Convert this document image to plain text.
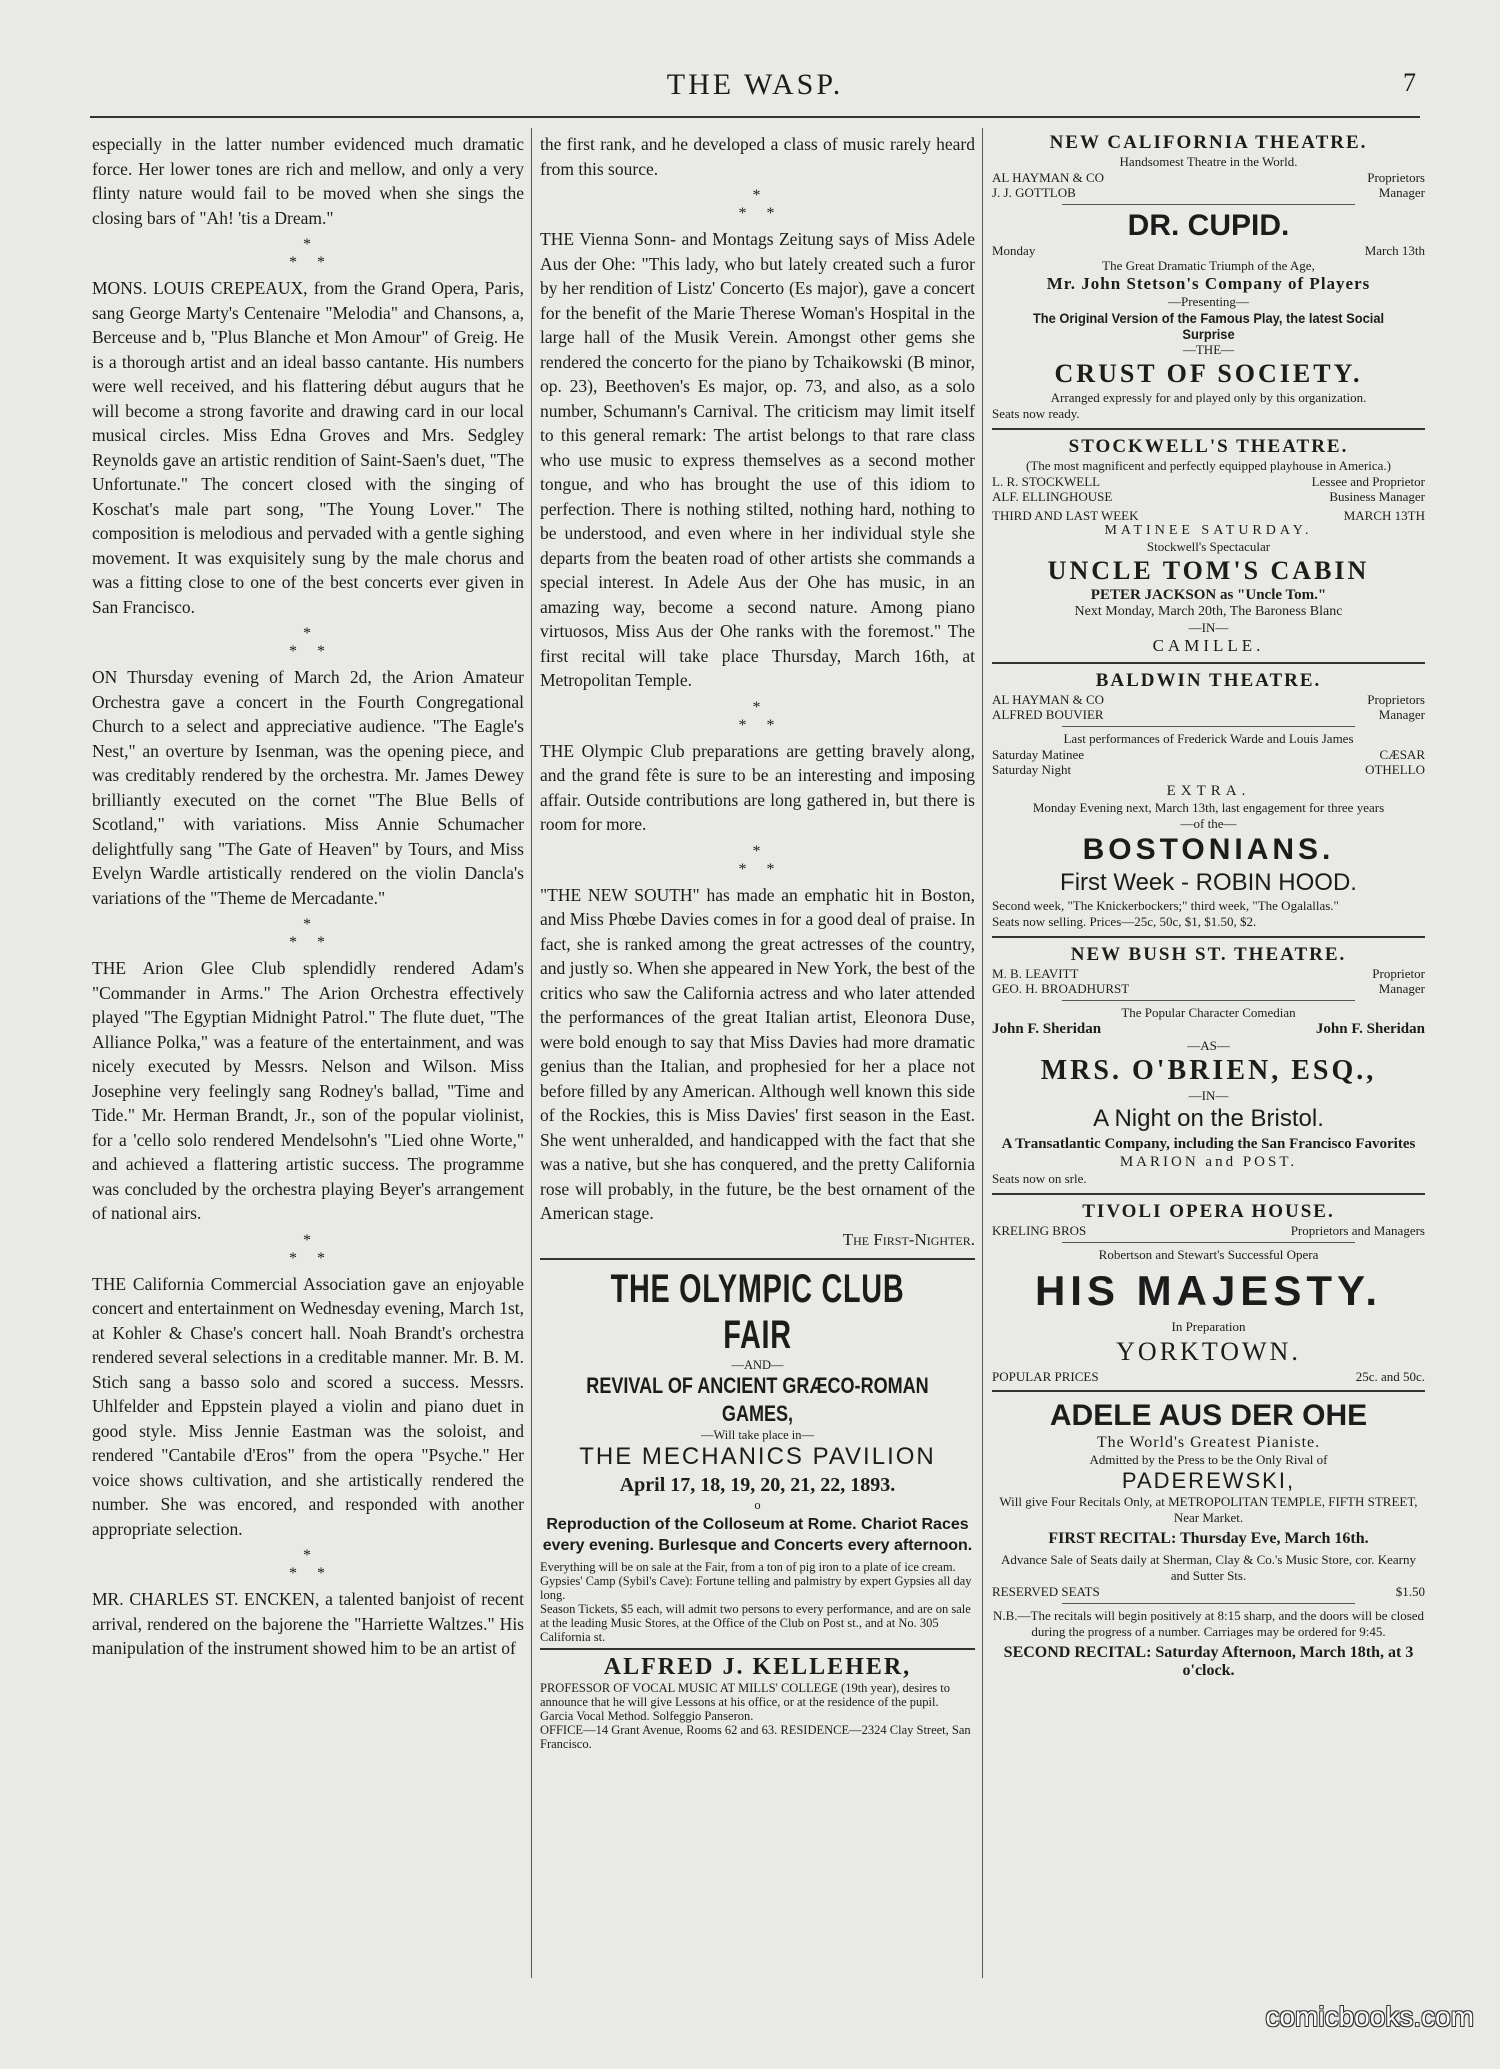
THE WASP.	7

especially in the latter number evidenced much dramatic force. Her lower tones are rich and mellow, and only a very flinty nature would fail to be moved when she sings the closing bars of "Ah! 'tis a Dream."

*
*   *

MONS. LOUIS CREPEAUX, from the Grand Opera, Paris, sang George Marty's Centenaire "Melodia" and Chansons, a, Berceuse and b, "Plus Blanche et Mon Amour" of Greig. He is a thorough artist and an ideal basso cantante. His numbers were well received, and his flattering début augurs that he will become a strong favorite and drawing card in our local musical circles. Miss Edna Groves and Mrs. Sedgley Reynolds gave an artistic rendition of Saint-Saen's duet, "The Unfortunate." The concert closed with the singing of Koschat's male part song, "The Young Lover." The composition is melodious and pervaded with a gentle sighing movement. It was exquisitely sung by the male chorus and was a fitting close to one of the best concerts ever given in San Francisco.

*
*   *

ON Thursday evening of March 2d, the Arion Amateur Orchestra gave a concert in the Fourth Congregational Church to a select and appreciative audience. "The Eagle's Nest," an overture by Isenman, was the opening piece, and was creditably rendered by the orchestra. Mr. James Dewey brilliantly executed on the cornet "The Blue Bells of Scotland," with variations. Miss Annie Schumacher delightfully sang "The Gate of Heaven" by Tours, and Miss Evelyn Wardle artistically rendered on the violin Dancla's variations of the "Theme de Mercadante."

*
*   *

THE Arion Glee Club splendidly rendered Adam's "Commander in Arms." The Arion Orchestra effectively played "The Egyptian Midnight Patrol." The flute duet, "The Alliance Polka," was a feature of the entertainment, and was nicely executed by Messrs. Nelson and Wilson. Miss Josephine very feelingly sang Rodney's ballad, "Time and Tide." Mr. Herman Brandt, Jr., son of the popular violinist, for a 'cello solo rendered Mendelsohn's "Lied ohne Worte," and achieved a flattering artistic success. The programme was concluded by the orchestra playing Beyer's arrangement of national airs.

*
*   *

THE California Commercial Association gave an enjoyable concert and entertainment on Wednesday evening, March 1st, at Kohler & Chase's concert hall. Noah Brandt's orchestra rendered several selections in a creditable manner. Mr. B. M. Stich sang a basso solo and scored a success. Messrs. Uhlfelder and Eppstein played a violin and piano duet in good style. Miss Jennie Eastman was the soloist, and rendered "Cantabile d'Eros" from the opera "Psyche." Her voice shows cultivation, and she artistically rendered the number. She was encored, and responded with another appropriate selection.

*
*   *

MR. CHARLES ST. ENCKEN, a talented banjoist of recent arrival, rendered on the bajorene the "Harriette Waltzes." His manipulation of the instrument showed him to be an artist of

the first rank, and he developed a class of music rarely heard from this source.

*
*   *

THE Vienna Sonn- and Montags Zeitung says of Miss Adele Aus der Ohe: "This lady, who but lately created such a furor by her rendition of Listz' Concerto (Es major), gave a concert for the benefit of the Marie Therese Woman's Hospital in the large hall of the Musik Verein. Amongst other gems she rendered the concerto for the piano by Tchaikowski (B minor, op. 23), Beethoven's Es major, op. 73, and also, as a solo number, Schumann's Carnival. The criticism may limit itself to this general remark: The artist belongs to that rare class who use music to express themselves as a second mother tongue, and who has brought the use of this idiom to perfection. There is nothing stilted, nothing hard, nothing to be understood, and even where in her individual style she departs from the beaten road of other artists she commands a special interest. In Adele Aus der Ohe has music, in an amazing way, become a second nature. Among piano virtuosos, Miss Aus der Ohe ranks with the foremost." The first recital will take place Thursday, March 16th, at Metropolitan Temple.

*
*   *

THE Olympic Club preparations are getting bravely along, and the grand fête is sure to be an interesting and imposing affair. Outside contributions are long gathered in, but there is room for more.

*
*   *

"THE NEW SOUTH" has made an emphatic hit in Boston, and Miss Phœbe Davies comes in for a good deal of praise. In fact, she is ranked among the great actresses of the country, and justly so. When she appeared in New York, the best of the critics who saw the California actress and who later attended the performances of the great Italian artist, Eleonora Duse, were bold enough to say that Miss Davies had more dramatic genius than the Italian, and prophesied for her a place not before filled by any American. Although well known this side of the Rockies, this is Miss Davies' first season in the East. She went unheralded, and handicapped with the fact that she was a native, but she has conquered, and the pretty California rose will probably, in the future, be the best ornament of the American stage.

The First-Nighter.

THE OLYMPIC CLUB FAIR

—AND—

REVIVAL OF ANCIENT GRÆCO-ROMAN GAMES,

—Will take place in—

THE MECHANICS PAVILION
April 17, 18, 19, 20, 21, 22, 1893.

o

Reproduction of the Colloseum at Rome. Chariot Races every evening. Burlesque and Concerts every afternoon.

Everything will be on sale at the Fair, from a ton of pig iron to a plate of ice cream.

Gypsies' Camp (Sybil's Cave): Fortune telling and palmistry by expert Gypsies all day long.

Season Tickets, $5 each, will admit two persons to every performance, and are on sale at the leading Music Stores, at the Office of the Club on Post st., and at No. 305 California st.

ALFRED J. KELLEHER,

PROFESSOR OF VOCAL MUSIC AT MILLS' COLLEGE (19th year), desires to announce that he will give Lessons at his office, or at the residence of the pupil. Garcia Vocal Method. Solfeggio Panseron.

OFFICE—14 Grant Avenue, Rooms 62 and 63. RESIDENCE—2324 Clay Street, San Francisco.

NEW CALIFORNIA THEATRE.

Handsomest Theatre in the World.

AL HAYMAN & CO	Proprietors
J. J. GOTTLOB	Manager
DR. CUPID.
Monday	March 13th

The Great Dramatic Triumph of the Age,

Mr. John Stetson's Company of Players

—Presenting—

The Original Version of the Famous Play, the latest Social Surprise

—THE—

CRUST OF SOCIETY.

Arranged expressly for and played only by this organization.

Seats now ready.

STOCKWELL'S THEATRE.

(The most magnificent and perfectly equipped playhouse in America.)

L. R. STOCKWELL	Lessee and Proprietor
ALF. ELLINGHOUSE	Business Manager
THIRD AND LAST WEEK	MARCH 13TH

MATINEE SATURDAY.

Stockwell's Spectacular

UNCLE TOM'S CABIN
PETER JACKSON as "Uncle Tom."

Next Monday, March 20th, The Baroness Blanc

—IN—

CAMILLE.

BALDWIN THEATRE.

AL HAYMAN & CO	Proprietors
ALFRED BOUVIER	Manager

Last performances of Frederick Warde and Louis James

Saturday Matinee	CÆSAR
Saturday Night	OTHELLO
EXTRA.

Monday Evening next, March 13th, last engagement for three years

—of the—

BOSTONIANS.
First Week - ROBIN HOOD.

Second week, "The Knickerbockers;" third week, "The Ogalallas."

Seats now selling. Prices—25c, 50c, $1, $1.50, $2.

NEW BUSH ST. THEATRE.

M. B. LEAVITT	Proprietor
GEO. H. BROADHURST	Manager

The Popular Character Comedian

John F. Sheridan	John F. Sheridan

—AS—

MRS. O'BRIEN, ESQ.,

—IN—

A Night on the Bristol.
A Transatlantic Company, including the San Francisco Favorites
MARION and POST.

Seats now on srle.

TIVOLI OPERA HOUSE.

KRELING BROS	Proprietors and Managers

Robertson and Stewart's Successful Opera

HIS MAJESTY.

In Preparation

YORKTOWN.
POPULAR PRICES	25c. and 50c.
ADELE AUS DER OHE
The World's Greatest Pianiste.

Admitted by the Press to be the Only Rival of

PADEREWSKI,

Will give Four Recitals Only, at METROPOLITAN TEMPLE, FIFTH STREET, Near Market.

FIRST RECITAL: Thursday Eve, March 16th.

Advance Sale of Seats daily at Sherman, Clay & Co.'s Music Store, cor. Kearny and Sutter Sts.

RESERVED SEATS	$1.50

N.B.—The recitals will begin positively at 8:15 sharp, and the doors will be closed during the progress of a number. Carriages may be ordered for 9:45.

SECOND RECITAL: Saturday Afternoon, March 18th, at 3 o'clock.
comicbooks.com
